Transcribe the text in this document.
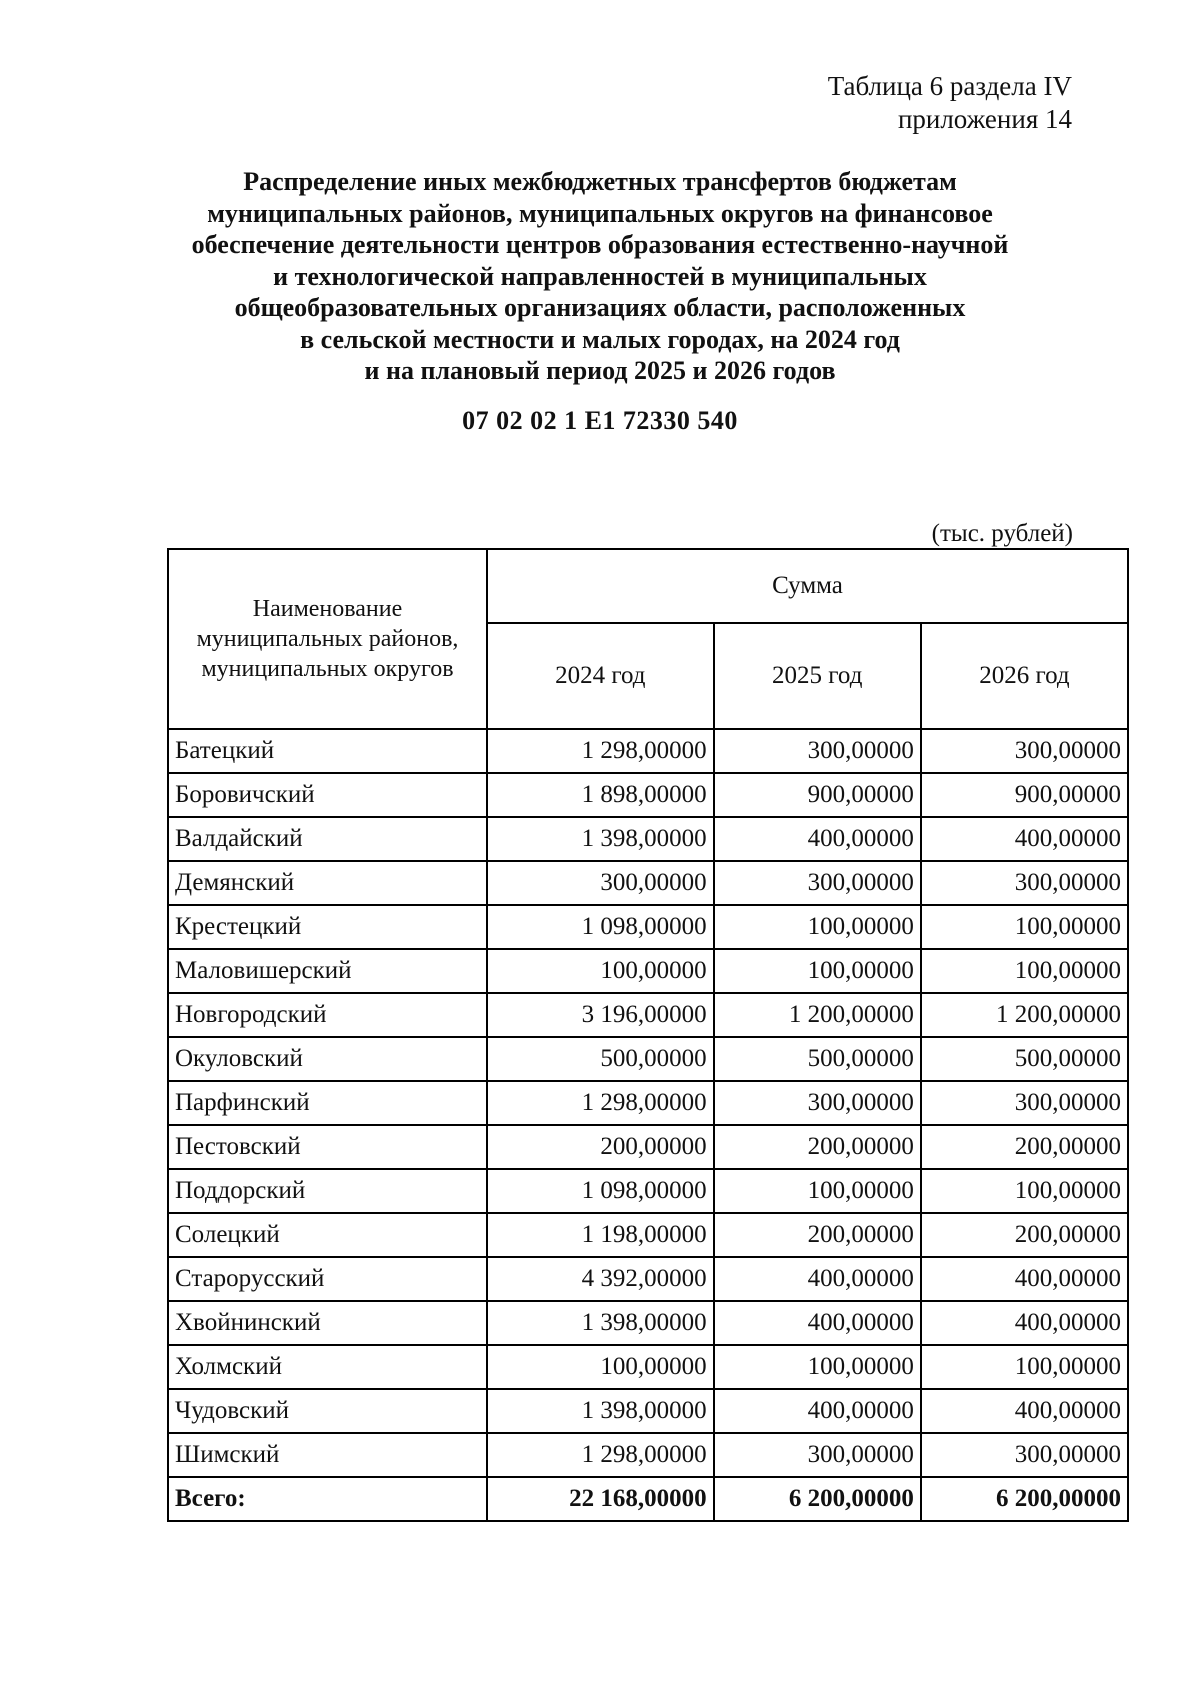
Таблица 6 раздела IV
приложения 14
Распределение иных межбюджетных трансфертов бюджетам
муниципальных районов, муниципальных округов на финансовое
обеспечение деятельности центров образования естественно-научной
и технологической направленностей в муниципальных
общеобразовательных организациях области, расположенных
в сельской местности и малых городах, на 2024 год
и на плановый период 2025 и 2026 годов
07 02 02 1 E1 72330 540
(тыс. рублей)
Наименование муниципальных районов, муниципальных округов	Сумма		
	2024 год	2025 год	2026 год
Батецкий	1 298,00000	300,00000	300,00000
Боровичский	1 898,00000	900,00000	900,00000
Валдайский	1 398,00000	400,00000	400,00000
Демянский	300,00000	300,00000	300,00000
Крестецкий	1 098,00000	100,00000	100,00000
Маловишерский	100,00000	100,00000	100,00000
Новгородский	3 196,00000	1 200,00000	1 200,00000
Окуловский	500,00000	500,00000	500,00000
Парфинский	1 298,00000	300,00000	300,00000
Пестовский	200,00000	200,00000	200,00000
Поддорский	1 098,00000	100,00000	100,00000
Солецкий	1 198,00000	200,00000	200,00000
Старорусский	4 392,00000	400,00000	400,00000
Хвойнинский	1 398,00000	400,00000	400,00000
Холмский	100,00000	100,00000	100,00000
Чудовский	1 398,00000	400,00000	400,00000
Шимский	1 298,00000	300,00000	300,00000
Всего:	22 168,00000	6 200,00000	6 200,00000
